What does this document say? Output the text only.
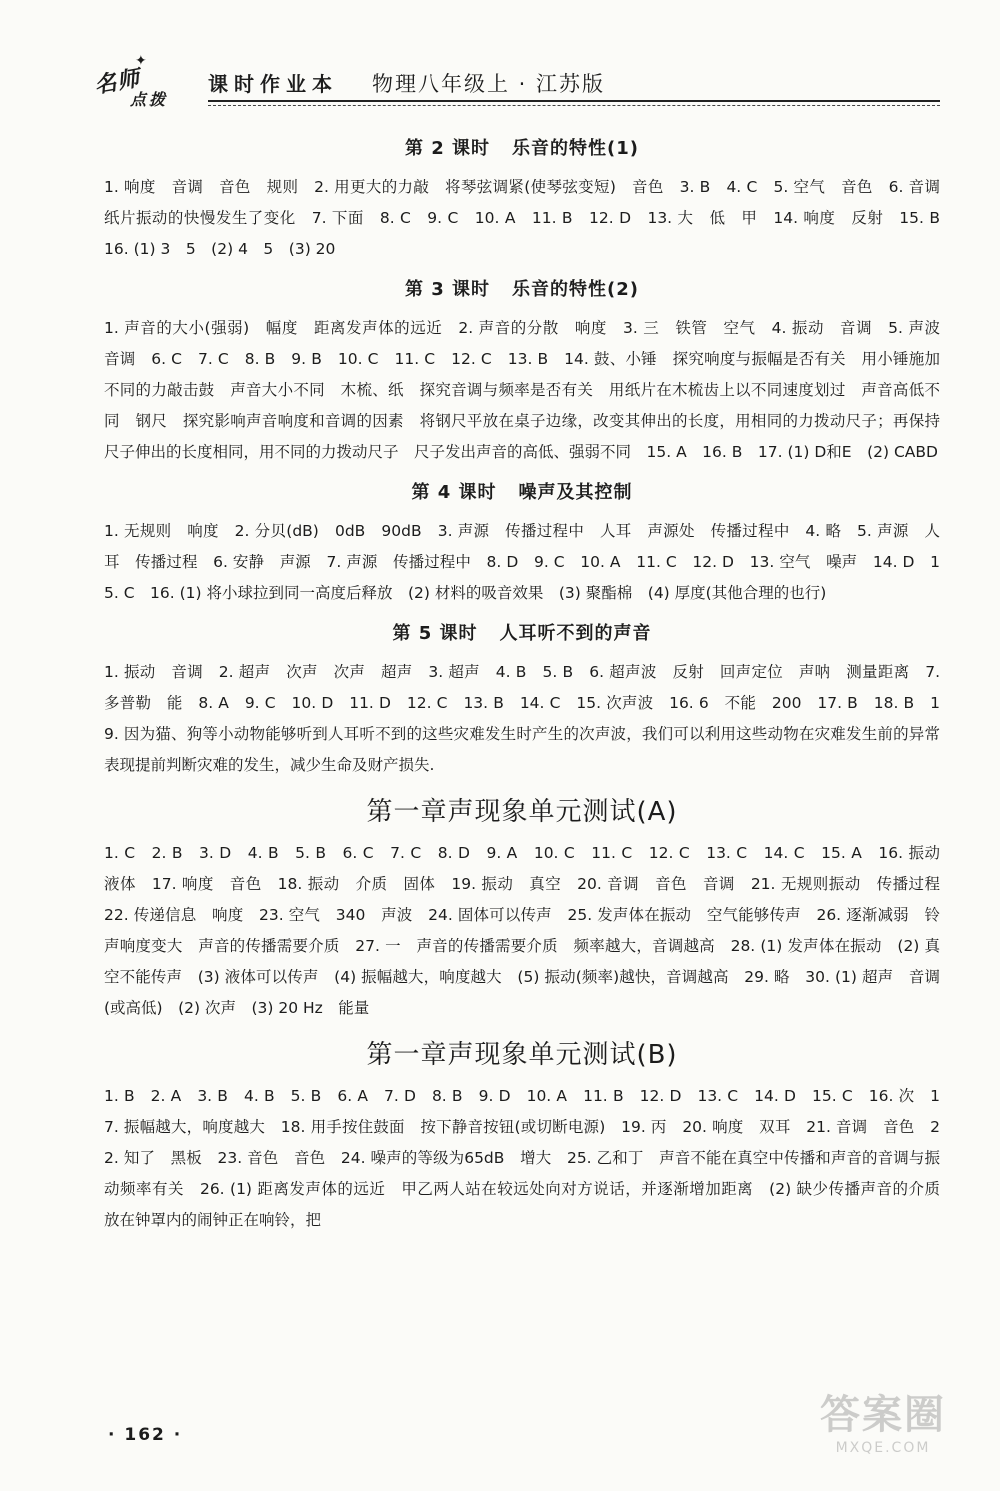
✦
名师
点拨
课时作业本 物理八年级上 · 江苏版
第 2 课时 乐音的特性(1)

1. 响度　音调　音色　规则　2. 用更大的力敲　将琴弦调紧(使琴弦变短)　音色　3. B　4. C　5. 空气　音色　6. 音调　纸片振动的快慢发生了变化　7. 下面　8. C　9. C　10. A　11. B　12. D　13. 大　低　甲　14. 响度　反射　15. B　16. (1) 3　5　(2) 4　5　(3) 20

第 3 课时 乐音的特性(2)

1. 声音的大小(强弱)　幅度　距离发声体的远近　2. 声音的分散　响度　3. 三　铁管　空气　4. 振动　音调　5. 声波　音调　6. C　7. C　8. B　9. B　10. C　11. C　12. C　13. B　14. 鼓、小锤　探究响度与振幅是否有关　用小锤施加不同的力敲击鼓　声音大小不同　木梳、纸　探究音调与频率是否有关　用纸片在木梳齿上以不同速度划过　声音高低不同　钢尺　探究影响声音响度和音调的因素　将钢尺平放在桌子边缘，改变其伸出的长度，用相同的力拨动尺子；再保持尺子伸出的长度相同，用不同的力拨动尺子　尺子发出声音的高低、强弱不同　15. A　16. B　17. (1) D和E　(2) CABD

第 4 课时 噪声及其控制

1. 无规则　响度　2. 分贝(dB)　0dB　90dB　3. 声源　传播过程中　人耳　声源处　传播过程中　4. 略　5. 声源　人耳　传播过程　6. 安静　声源　7. 声源　传播过程中　8. D　9. C　10. A　11. C　12. D　13. 空气　噪声　14. D　15. C　16. (1) 将小球拉到同一高度后释放　(2) 材料的吸音效果　(3) 聚酯棉　(4) 厚度(其他合理的也行)

第 5 课时 人耳听不到的声音

1. 振动　音调　2. 超声　次声　次声　超声　3. 超声　4. B　5. B　6. 超声波　反射　回声定位　声呐　测量距离　7. 多普勒　能　8. A　9. C　10. D　11. D　12. C　13. B　14. C　15. 次声波　16. 6　不能　200　17. B　18. B　19. 因为猫、狗等小动物能够听到人耳听不到的这些灾难发生时产生的次声波，我们可以利用这些动物在灾难发生前的异常表现提前判断灾难的发生，减少生命及财产损失.

第一章声现象单元测试(A)

1. C　2. B　3. D　4. B　5. B　6. C　7. C　8. D　9. A　10. C　11. C　12. C　13. C　14. C　15. A　16. 振动　液体　17. 响度　音色　18. 振动　介质　固体　19. 振动　真空　20. 音调　音色　音调　21. 无规则振动　传播过程　22. 传递信息　响度　23. 空气　340　声波　24. 固体可以传声　25. 发声体在振动　空气能够传声　26. 逐渐减弱　铃声响度变大　声音的传播需要介质　27. 一　声音的传播需要介质　频率越大，音调越高　28. (1) 发声体在振动　(2) 真空不能传声　(3) 液体可以传声　(4) 振幅越大，响度越大　(5) 振动(频率)越快，音调越高　29. 略　30. (1) 超声　音调(或高低)　(2) 次声　(3) 20 Hz　能量

第一章声现象单元测试(B)

1. B　2. A　3. B　4. B　5. B　6. A　7. D　8. B　9. D　10. A　11. B　12. D　13. C　14. D　15. C　16. 次　17. 振幅越大，响度越大　18. 用手按住鼓面　按下静音按钮(或切断电源)　19. 丙　20. 响度　双耳　21. 音调　音色　22. 知了　黑板　23. 音色　音色　24. 噪声的等级为65dB　增大　25. 乙和丁　声音不能在真空中传播和声音的音调与振动频率有关　26. (1) 距离发声体的远近　甲乙两人站在较远处向对方说话，并逐渐增加距离　(2) 缺少传播声音的介质　放在钟罩内的闹钟正在响铃，把

· 162 ·	答案圈
MXQE.COM
